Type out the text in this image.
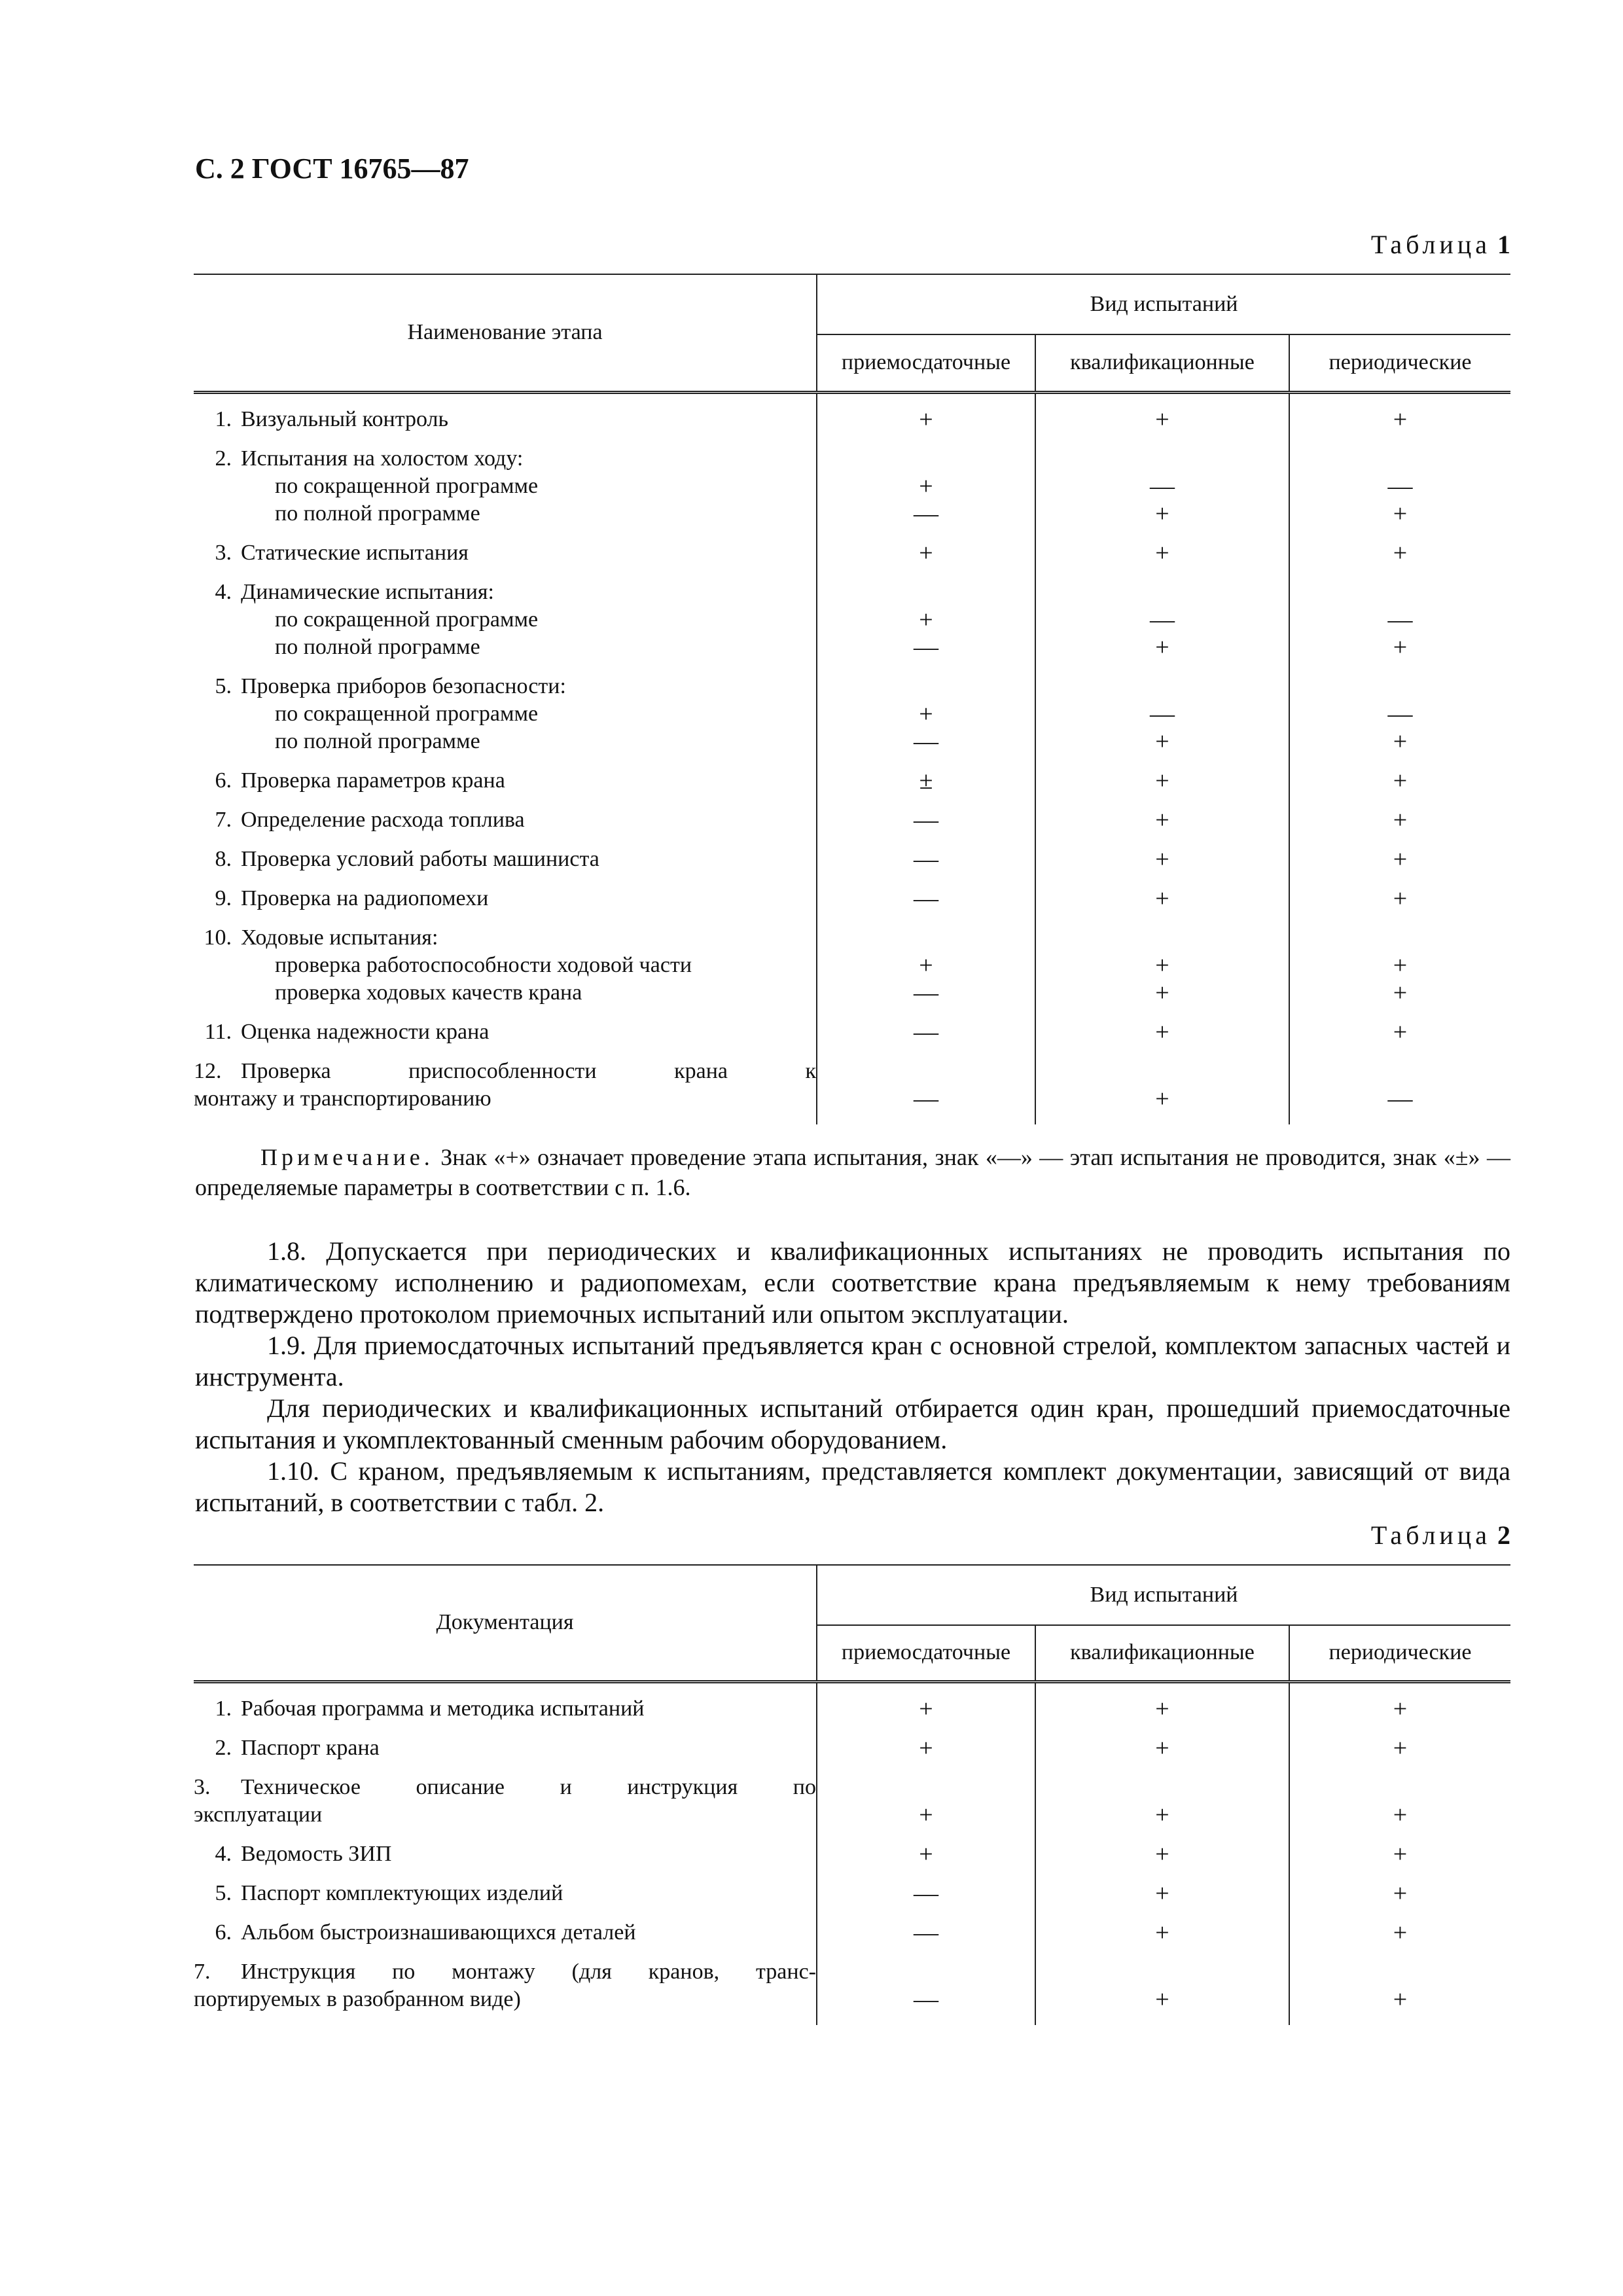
С. 2 ГОСТ 16765—87
Таблица 1
Наименование этапа	Вид испытаний		
	приемосдаточные	квалификационные	периодические

1. Визуальный контроль	+	+	+

2. Испытания на холостом ходу:			

по сокращенной программе	+	—	—

по полной программе	—	+	+

3. Статические испытания	+	+	+

4. Динамические испытания:			

по сокращенной программе	+	—	—

по полной программе	—	+	+

5. Проверка приборов безопасности:			

по сокращенной программе	+	—	—

по полной программе	—	+	+

6. Проверка параметров крана	±	+	+

7. Определение расхода топлива	—	+	+

8. Проверка условий работы машиниста	—	+	+

9. Проверка на радиопомехи	—	+	+

10. Ходовые испытания:			

проверка работоспособности ходовой части	+	+	+

проверка ходовых качеств крана	—	+	+

11. Оценка надежности крана	—	+	+

12. Проверка приспособленности крана к
монтажу и транспортированию	—	+	—

Примечание. Знак «+» означает проведение этапа испытания, знак «—» — этап испытания не проводится, знак «±» — определяемые параметры в соответствии с п. 1.6.

1.8. Допускается при периодических и квалификационных испытаниях не проводить испытания по климатическому исполнению и радиопомехам, если соответствие крана предъявляемым к нему требованиям подтверждено протоколом приемочных испытаний или опытом эксплуатации.

1.9. Для приемосдаточных испытаний предъявляется кран с основной стрелой, комплектом запасных частей и инструмента.

Для периодических и квалификационных испытаний отбирается один кран, прошедший приемосдаточные испытания и укомплектованный сменным рабочим оборудованием.

1.10. С краном, предъявляемым к испытаниям, представляется комплект документации, зависящий от вида испытаний, в соответствии с табл. 2.

Таблица 2
Документация	Вид испытаний		
	приемосдаточные	квалификационные	периодические

1. Рабочая программа и методика испытаний	+	+	+

2. Паспорт крана	+	+	+

3. Техническое описание и инструкция по
эксплуатации	+	+	+

4. Ведомость ЗИП	+	+	+

5. Паспорт комплектующих изделий	—	+	+

6. Альбом быстроизнашивающихся деталей	—	+	+

7. Инструкция по монтажу (для кранов, транс-
портируемых в разобранном виде)	—	+	+
